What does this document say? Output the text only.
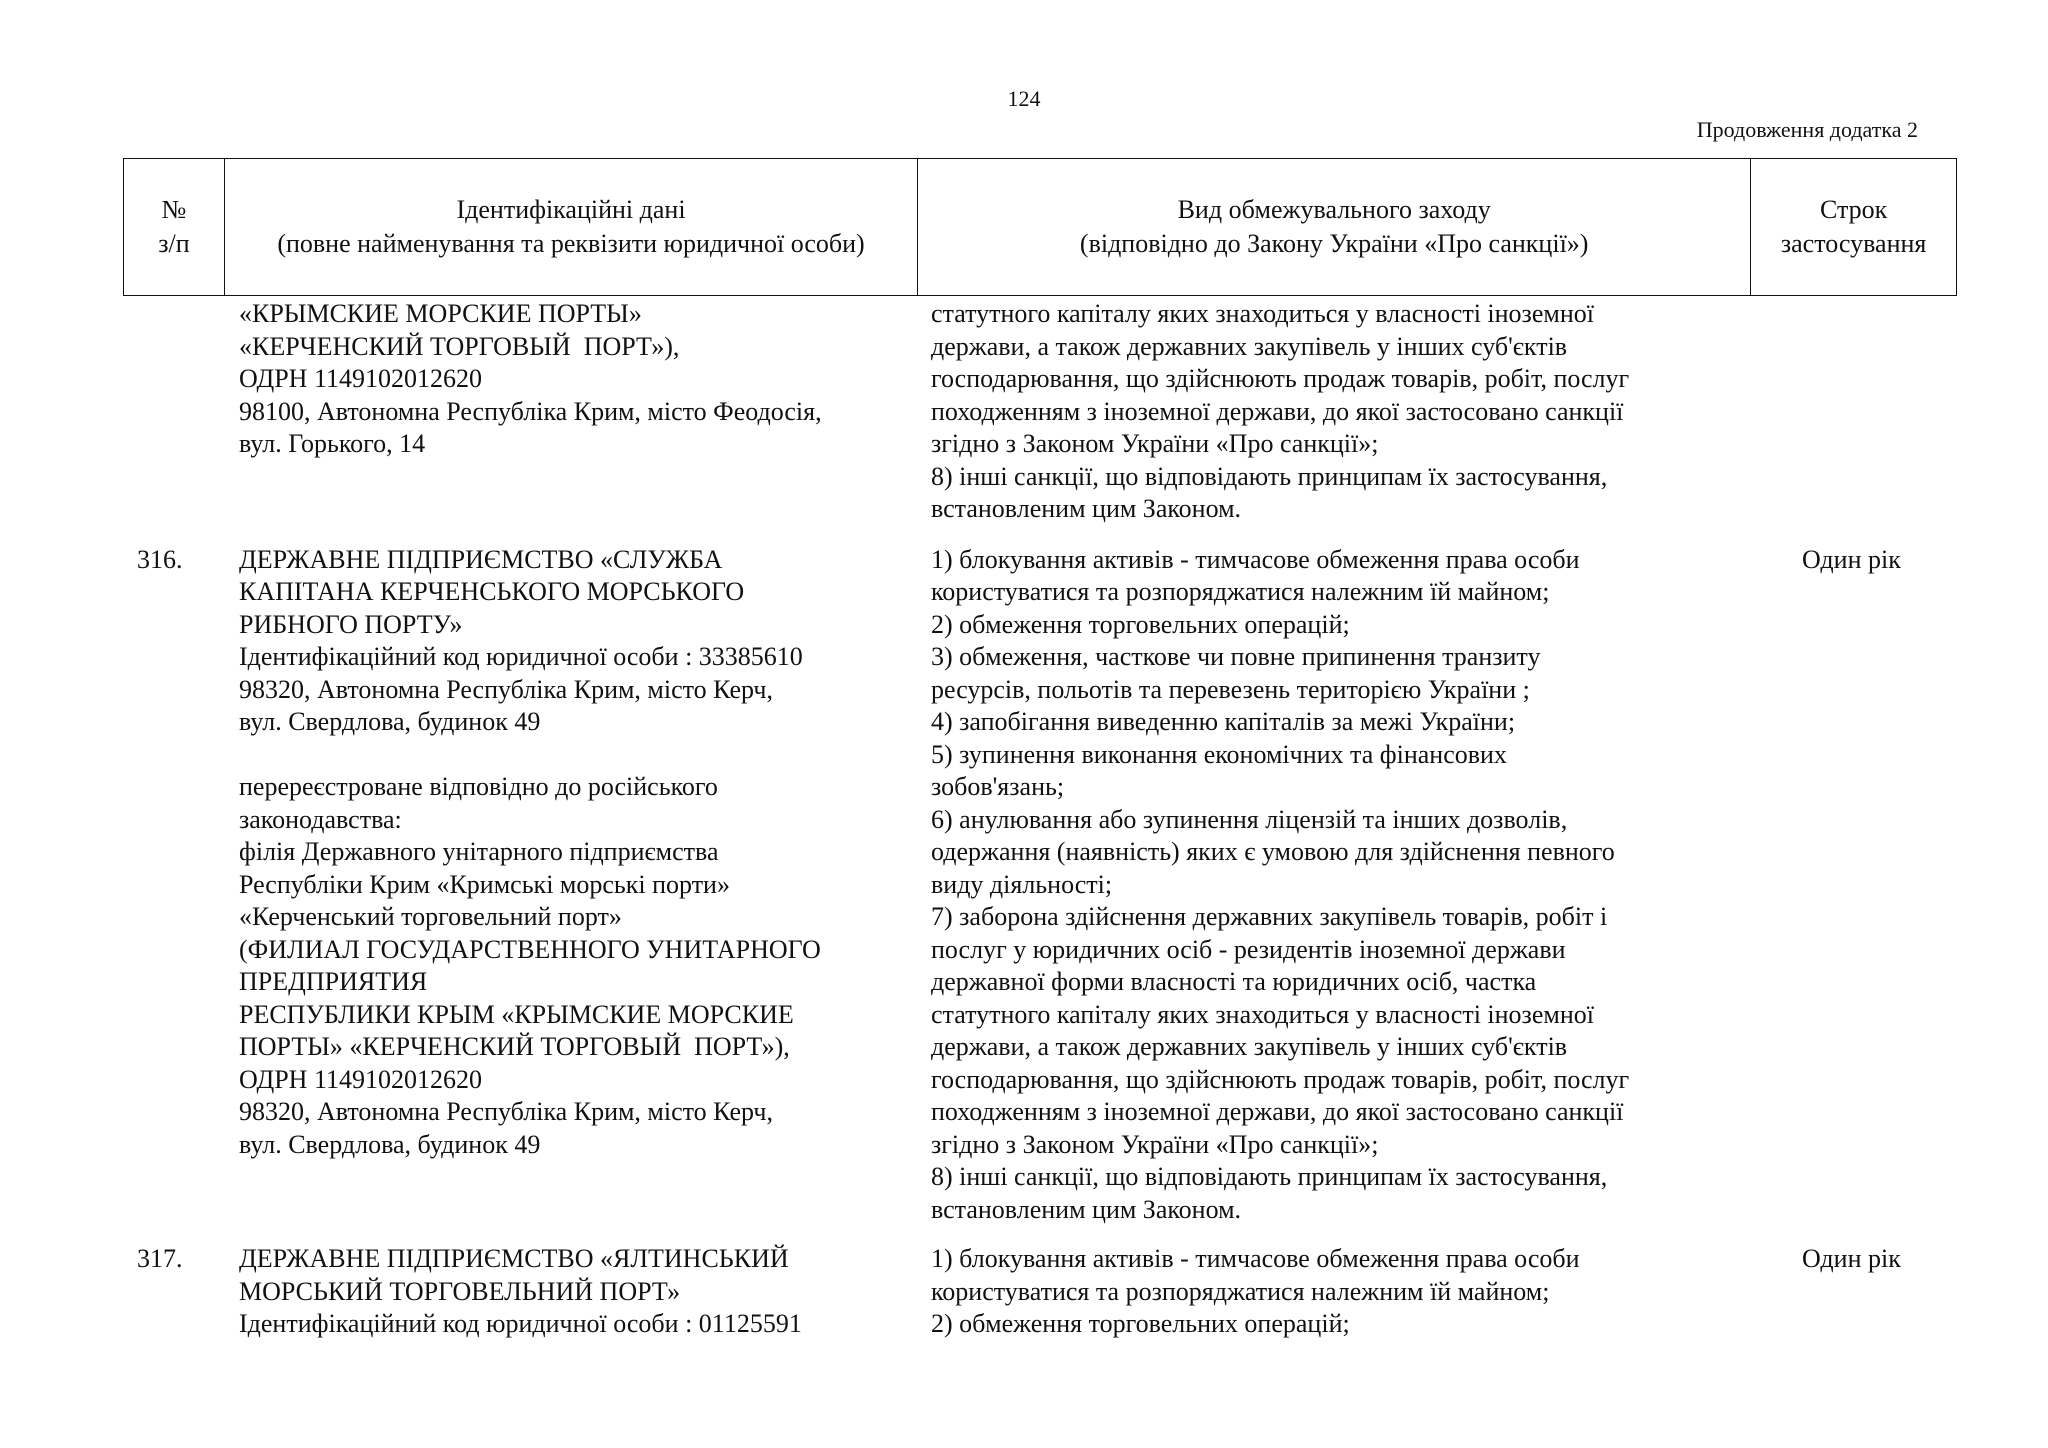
124
Продовження додатка 2
№
з/п
Ідентифікаційні дані
(повне найменування та реквізити юридичної особи)
Вид обмежувального заходу
(відповідно до Закону України «Про санкції»)
Строк
застосування

«КРЫМСКИЕ МОРСКИЕ ПОРТЫ»
«КЕРЧЕНСКИЙ ТОРГОВЫЙ  ПОРТ»),
ОДРН 1149102012620
98100, Автономна Республіка Крим, місто Феодосія,
вул. Горького, 14
статутного капіталу яких знаходиться у власності іноземної
держави, а також державних закупівель у інших суб'єктів
господарювання, що здійснюють продаж товарів, робіт, послуг
походженням з іноземної держави, до якої застосовано санкції
згідно з Законом України «Про санкції»;
8) інші санкції, що відповідають принципам їх застосування,
встановленим цим Законом.

316.	ДЕРЖАВНЕ ПІДПРИЄМСТВО «СЛУЖБА
КАПІТАНА КЕРЧЕНСЬКОГО МОРСЬКОГО
РИБНОГО ПОРТУ»
Ідентифікаційний код юридичної особи : 33385610
98320, Автономна Республіка Крим, місто Керч,
вул. Свердлова, будинок 49

перереєстроване відповідно до російського
законодавства:
філія Державного унітарного підприємства
Республіки Крим «Кримські морські порти»
«Керченський торговельний порт»
(ФИЛИАЛ ГОСУДАРСТВЕННОГО УНИТАРНОГО
ПРЕДПРИЯТИЯ
РЕСПУБЛИКИ КРЫМ «КРЫМСКИЕ МОРСКИЕ
ПОРТЫ» «КЕРЧЕНСКИЙ ТОРГОВЫЙ  ПОРТ»),
ОДРН 1149102012620
98320, Автономна Республіка Крим, місто Керч,
вул. Свердлова, будинок 49
1) блокування активів - тимчасове обмеження права особи
користуватися та розпоряджатися належним їй майном;
2) обмеження торговельних операцій;
3) обмеження, часткове чи повне припинення транзиту
ресурсів, польотів та перевезень територією України ;
4) запобігання виведенню капіталів за межі України;
5) зупинення виконання економічних та фінансових
зобов'язань;
6) анулювання або зупинення ліцензій та інших дозволів,
одержання (наявність) яких є умовою для здійснення певного
виду діяльності;
7) заборона здійснення державних закупівель товарів, робіт і
послуг у юридичних осіб - резидентів іноземної держави
державної форми власності та юридичних осіб, частка
статутного капіталу яких знаходиться у власності іноземної
держави, а також державних закупівель у інших суб'єктів
господарювання, що здійснюють продаж товарів, робіт, послуг
походженням з іноземної держави, до якої застосовано санкції
згідно з Законом України «Про санкції»;
8) інші санкції, що відповідають принципам їх застосування,
встановленим цим Законом.
Один рік
317.	ДЕРЖАВНЕ ПІДПРИЄМСТВО «ЯЛТИНСЬКИЙ
МОРСЬКИЙ ТОРГОВЕЛЬНИЙ ПОРТ»
Ідентифікаційний код юридичної особи : 01125591
1) блокування активів - тимчасове обмеження права особи
користуватися та розпоряджатися належним їй майном;
2) обмеження торговельних операцій;
Один рік
